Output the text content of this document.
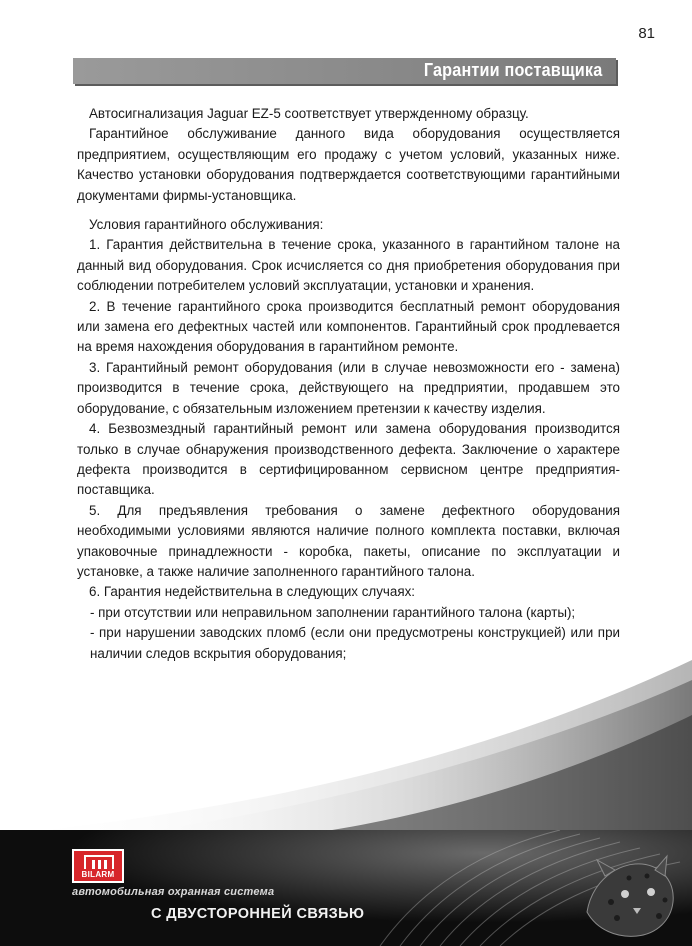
81
Гарантии поставщика

Автосигнализация Jaguar EZ-5 соответствует утвержденному образцу.

Гарантийное обслуживание данного вида оборудования осуществляется предприятием, осуществляющим его продажу с учетом условий, указанных ниже. Качество установки оборудования подтверждается соответствующими гарантийными документами фирмы-установщика.

Условия гарантийного обслуживания:

1. Гарантия действительна в течение срока, указанного в гарантийном талоне на данный вид оборудования. Срок исчисляется со дня приобретения оборудования при соблюдении потребителем условий эксплуатации, установки и хранения.

2. В течение гарантийного срока производится бесплатный ремонт оборудования или замена его дефектных частей или компонентов. Гарантийный срок продлевается на время нахождения оборудования в гарантийном ремонте.

3. Гарантийный ремонт оборудования (или в случае невозможности его - замена) производится в течение срока, действующего на предприятии, продавшем это оборудование, с обязательным изложением претензии к качеству изделия.

4. Безвозмездный гарантийный ремонт или замена оборудования производится только в случае обнаружения производственного дефекта. Заключение о характере дефекта производится в сертифицированном сервисном центре предприятия-поставщика.

5. Для предъявления требования о замене дефектного оборудования необходимыми условиями являются наличие полного комплекта поставки, включая упаковочные принадлежности - коробка, пакеты, описание по эксплуатации и установке, а также наличие заполненного гарантийного талона.

6. Гарантия недействительна в следующих случаях:

- при отсутствии или неправильном заполнении гарантийного талона (карты);

- при нарушении заводских пломб (если они предусмотрены конструкцией) или при наличии следов вскрытия оборудования;

BILARM
автомобильная охранная система
С ДВУСТОРОННЕЙ СВЯЗЬЮ
